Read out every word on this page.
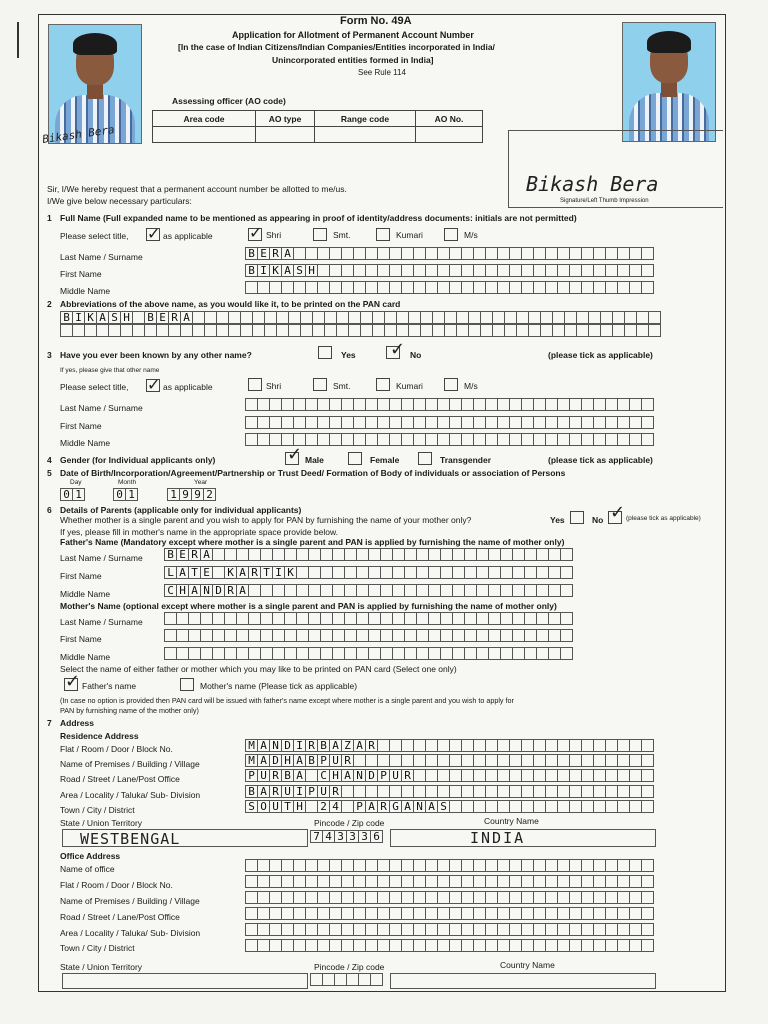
Bikash Bera
Form No. 49A
Application for Allotment of Permanent Account Number
[In the case of Indian Citizens/Indian Companies/Entities incorporated in India/
Unincorporated entities formed in India]
See Rule 114
Assessing officer (AO code)
Area code	AO type	Range code	AO No.

Bikash Bera
Signature/Left Thumb Impression
Sir, I/We hereby request that a permanent account number be allotted to me/us.
I/We give below necessary particulars:
1 Full Name (Full expanded name to be mentioned as appearing in proof of identity/address documents: initials are not permitted)
Please select title, ✓ as applicable ✓ Shri	Smt.	Kumari	M/s
Last Name / Surname	B E R A
First Name	B I K A S H
Middle Name
2 Abbreviations of the above name, as you would like it, to be printed on the PAN card
B I K A S H B E R A
3 Have you ever been known by any other name?	Yes ✓ No	(please tick as applicable)
If yes, please give that other name
Please select title, ✓ as applicable	Shri	Smt.	Kumari	M/s
Last Name / Surname
First Name
Middle Name
4 Gender (for Individual applicants only)	✓ Male	Female	Transgender	(please tick as applicable)
5 Date of Birth/Incorporation/Agreement/Partnership or Trust Deed/ Formation of Body of individuals or association of Persons
Day	Month	Year
0 1	0 1	1 9 9 2
6 Details of Parents (applicable only for individual applicants)
Whether mother is a single parent and you wish to apply for PAN by furnishing the name of your mother only?	Yes	No ✓ (please tick as applicable)
If yes, please fill in mother's name in the appropriate space provide below.
Father's Name (Mandatory except where mother is a single parent and PAN is applied by furnishing the name of mother only)
Last Name / Surname B E R A
First Name	L A T E K A R T I K
Middle Name	C H A N D R A
Mother's Name (optional except where mother is a single parent and PAN is applied by furnishing the name of mother only)
Last Name / Surname
First Name
Middle Name
Select the name of either father or mother which you may like to be printed on PAN card (Select one only)
✓ Father's name	Mother's name (Please tick as applicable)
(In case no option is provided then PAN card will be issued with father's name except where mother is a single parent and you wish to apply for
PAN by furnishing name of the mother only)
7 Address
Residence Address
Flat / Room / Door / Block No.	M A N D I R B A Z A R
Name of Premises / Building / Village	M A D H A B P U R
Road / Street / Lane/Post Office	P U R B A C H A N D P U R
Area / Locality / Taluka/ Sub- Division	B A R U I P U R
Town / City / District	S O U T H 2 4 P A R G A N A S
State / Union Territory	Pincode / Zip code	Country Name
WESTBENGAL	7 4 3 3 3 6	INDIA
Office Address
Name of office
Flat / Room / Door / Block No.
Name of Premises / Building / Village
Road / Street / Lane/Post Office
Area / Locality / Taluka/ Sub- Division
Town / City / District
State / Union Territory	Pincode / Zip code	Country Name
